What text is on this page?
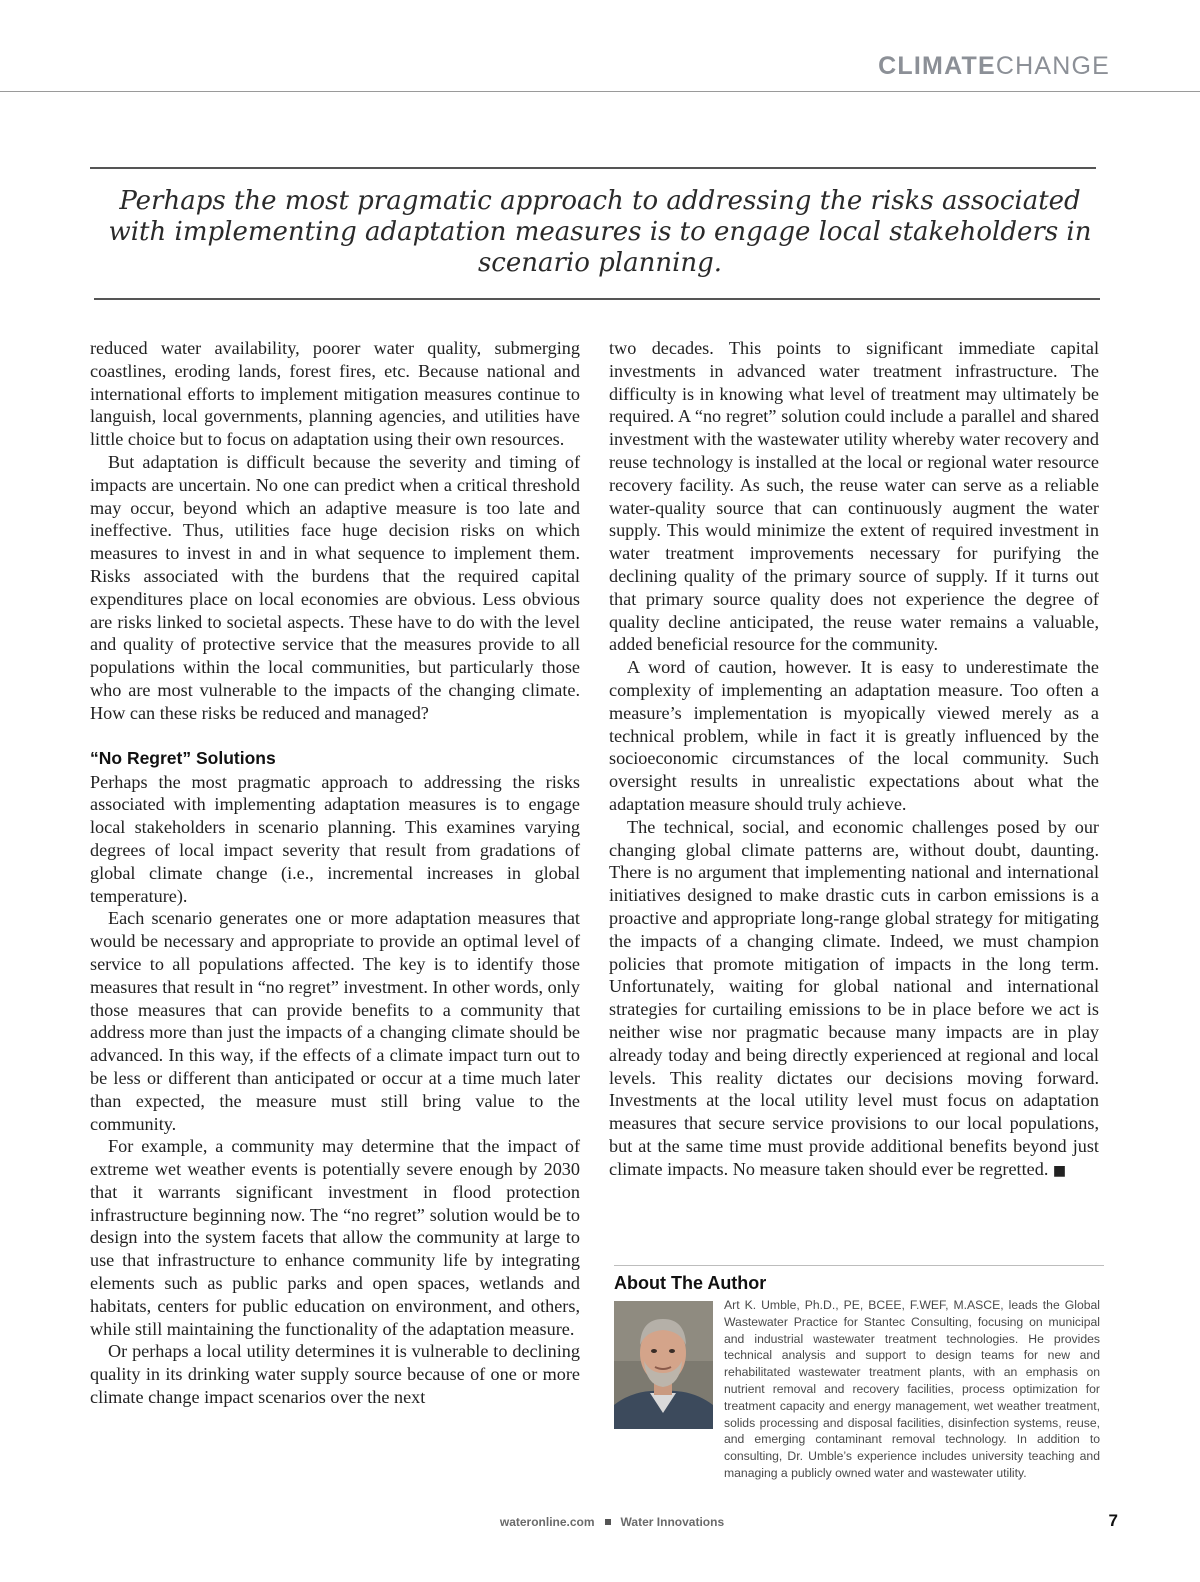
CLIMATECHANGE
Perhaps the most pragmatic approach to addressing the risks associated with implementing adaptation measures is to engage local stakeholders in scenario planning.

reduced water availability, poorer water quality, submerging coastlines, eroding lands, forest fires, etc. Because national and international efforts to implement mitigation measures continue to languish, local governments, planning agencies, and utilities have little choice but to focus on adaptation using their own resources.

But adaptation is difficult because the severity and timing of impacts are uncertain. No one can predict when a critical threshold may occur, beyond which an adaptive measure is too late and ineffective. Thus, utilities face huge decision risks on which measures to invest in and in what sequence to implement them. Risks associated with the burdens that the required capital expenditures place on local economies are obvious. Less obvious are risks linked to societal aspects. These have to do with the level and quality of protective service that the measures provide to all populations within the local communities, but particularly those who are most vulnerable to the impacts of the changing climate. How can these risks be reduced and managed?

“No Regret” Solutions

Perhaps the most pragmatic approach to addressing the risks associated with implementing adaptation measures is to engage local stakeholders in scenario planning. This examines varying degrees of local impact severity that result from gradations of global climate change (i.e., incremental increases in global temperature).

Each scenario generates one or more adaptation measures that would be necessary and appropriate to provide an optimal level of service to all populations affected. The key is to identify those measures that result in “no regret” investment. In other words, only those measures that can provide benefits to a community that address more than just the impacts of a changing climate should be advanced. In this way, if the effects of a climate impact turn out to be less or different than anticipated or occur at a time much later than expected, the measure must still bring value to the community.

For example, a community may determine that the impact of extreme wet weather events is potentially severe enough by 2030 that it warrants significant investment in flood protection infrastructure beginning now. The “no regret” solution would be to design into the system facets that allow the community at large to use that infrastructure to enhance community life by integrating elements such as public parks and open spaces, wetlands and habitats, centers for public education on environment, and others, while still maintaining the functionality of the adaptation measure.

Or perhaps a local utility determines it is vulnerable to declining quality in its drinking water supply source because of one or more climate change impact scenarios over the next

two decades. This points to significant immediate capital investments in advanced water treatment infrastructure. The difficulty is in knowing what level of treatment may ultimately be required. A “no regret” solution could include a parallel and shared investment with the wastewater utility whereby water recovery and reuse technology is installed at the local or regional water resource recovery facility. As such, the reuse water can serve as a reliable water-quality source that can continuously augment the water supply. This would minimize the extent of required investment in water treatment improvements necessary for purifying the declining quality of the primary source of supply. If it turns out that primary source quality does not experience the degree of quality decline anticipated, the reuse water remains a valuable, added beneficial resource for the community.

A word of caution, however. It is easy to underestimate the complexity of implementing an adaptation measure. Too often a measure’s implementation is myopically viewed merely as a technical problem, while in fact it is greatly influenced by the socioeconomic circumstances of the local community. Such oversight results in unrealistic expectations about what the adaptation measure should truly achieve.

The technical, social, and economic challenges posed by our changing global climate patterns are, without doubt, daunting. There is no argument that implementing national and international initiatives designed to make drastic cuts in carbon emissions is a proactive and appropriate long-range global strategy for mitigating the impacts of a changing climate. Indeed, we must champion policies that promote mitigation of impacts in the long term. Unfortunately, waiting for global national and international strategies for curtailing emissions to be in place before we act is neither wise nor pragmatic because many impacts are in play already today and being directly experienced at regional and local levels. This reality dictates our decisions moving forward. Investments at the local utility level must focus on adaptation measures that secure service provisions to our local populations, but at the same time must provide additional benefits beyond just climate impacts. No measure taken should ever be regretted. ■

About The Author
Art K. Umble, Ph.D., PE, BCEE, F.WEF, M.ASCE, leads the Global Wastewater Practice for Stantec Consulting, focusing on municipal and industrial wastewater treatment technologies. He provides technical analysis and support to design teams for new and rehabilitated wastewater treatment plants, with an emphasis on nutrient removal and recovery facilities, process optimization for treatment capacity and energy management, wet weather treatment, solids processing and disposal facilities, disinfection systems, reuse, and emerging contaminant removal technology. In addition to consulting, Dr. Umble’s experience includes university teaching and managing a publicly owned water and wastewater utility.
wateronline.com Water Innovations	7
